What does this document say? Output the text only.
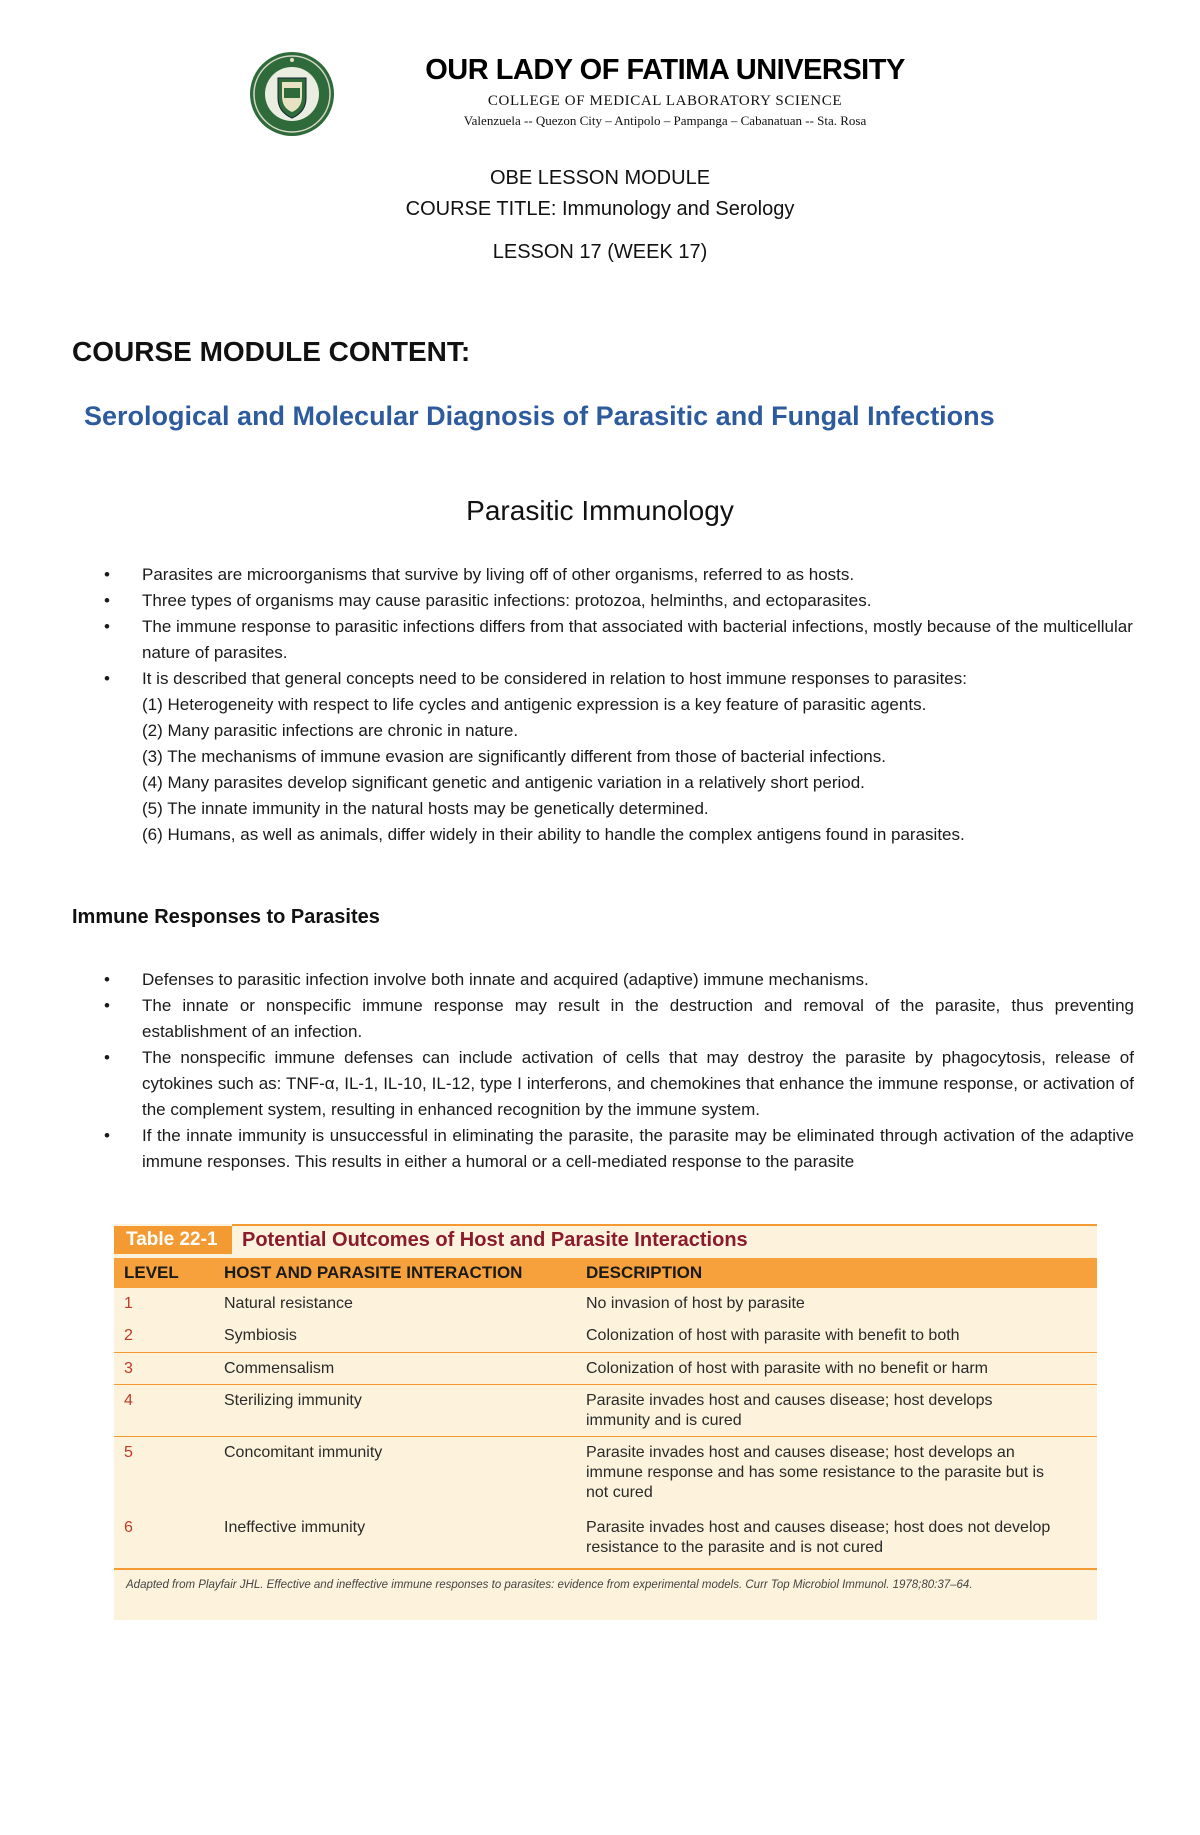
OUR LADY OF FATIMA UNIVERSITY
COLLEGE OF MEDICAL LABORATORY SCIENCE
Valenzuela -- Quezon City – Antipolo – Pampanga – Cabanatuan -- Sta. Rosa
OBE LESSON MODULE
COURSE TITLE: Immunology and Serology
LESSON 17 (WEEK 17)
COURSE MODULE CONTENT:
Serological and Molecular Diagnosis of Parasitic and Fungal Infections
Parasitic Immunology
• Parasites are microorganisms that survive by living off of other organisms, referred to as hosts.
• Three types of organisms may cause parasitic infections: protozoa, helminths, and ectoparasites.
• The immune response to parasitic infections differs from that associated with bacterial infections, mostly because of the multicellular nature of parasites.
• It is described that general concepts need to be considered in relation to host immune responses to parasites:
(1) Heterogeneity with respect to life cycles and antigenic expression is a key feature of parasitic agents.
(2) Many parasitic infections are chronic in nature.
(3) The mechanisms of immune evasion are significantly different from those of bacterial infections.
(4) Many parasites develop significant genetic and antigenic variation in a relatively short period.
(5) The innate immunity in the natural hosts may be genetically determined.
(6) Humans, as well as animals, differ widely in their ability to handle the complex antigens found in parasites.
Immune Responses to Parasites
• Defenses to parasitic infection involve both innate and acquired (adaptive) immune mechanisms.
• The innate or nonspecific immune response may result in the destruction and removal of the parasite, thus preventing establishment of an infection.
• The nonspecific immune defenses can include activation of cells that may destroy the parasite by phagocytosis, release of cytokines such as: TNF-α, IL-1, IL-10, IL-12, type I interferons, and chemokines that enhance the immune response, or activation of the complement system, resulting in enhanced recognition by the immune system.
• If the innate immunity is unsuccessful in eliminating the parasite, the parasite may be eliminated through activation of the adaptive immune responses. This results in either a humoral or a cell-mediated response to the parasite
Table 22-1	Potential Outcomes of Host and Parasite Interactions
LEVEL	HOST AND PARASITE INTERACTION	DESCRIPTION
1	Natural resistance	No invasion of host by parasite
2	Symbiosis	Colonization of host with parasite with benefit to both
3	Commensalism	Colonization of host with parasite with no benefit or harm
4	Sterilizing immunity	Parasite invades host and causes disease; host develops immunity and is cured
5	Concomitant immunity	Parasite invades host and causes disease; host develops an immune response and has some resistance to the parasite but is not cured
6	Ineffective immunity	Parasite invades host and causes disease; host does not develop resistance to the parasite and is not cured
Adapted from Playfair JHL. Effective and ineffective immune responses to parasites: evidence from experimental models. Curr Top Microbiol Immunol. 1978;80:37–64.
